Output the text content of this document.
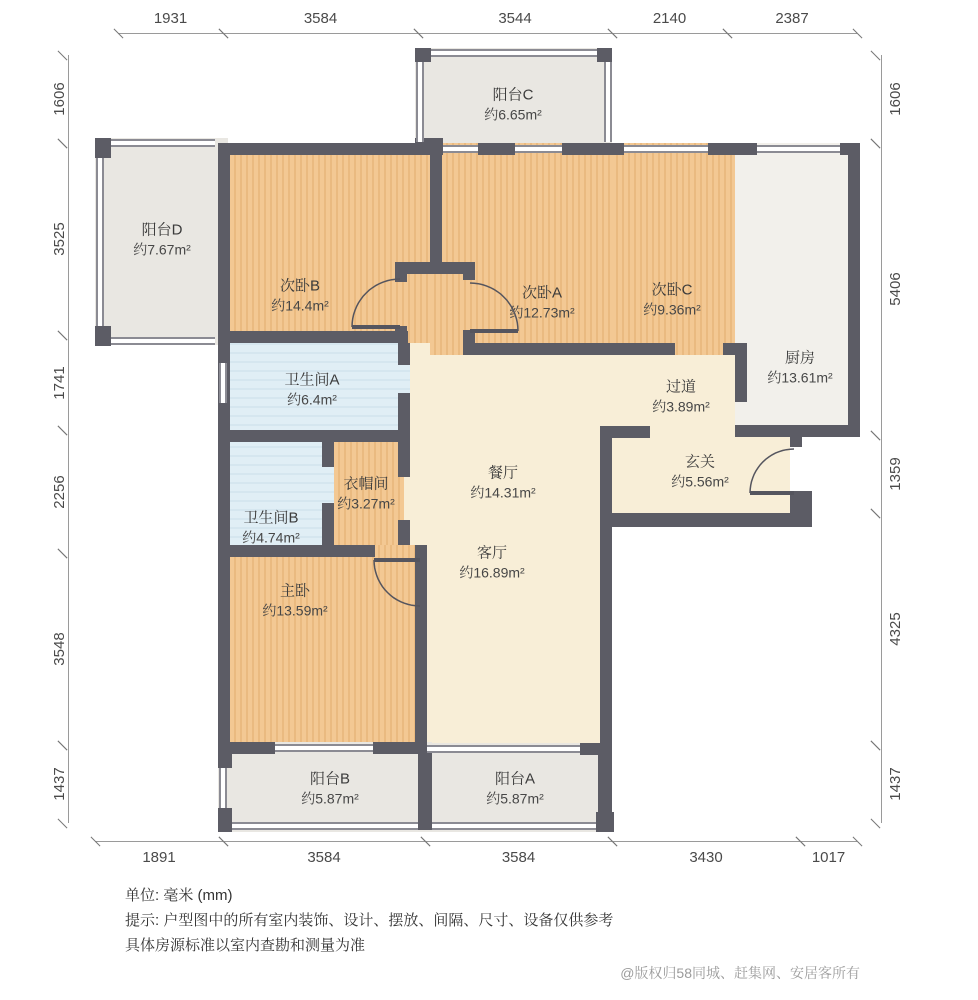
阳台C
约6.65m²
阳台D
约7.67m²
次卧B
约14.4m²
次卧A
约12.73m²
次卧C
约9.36m²
厨房
约13.61m²
卫生间A
约6.4m²
过道
约3.89m²
玄关
约5.56m²
卫生间B
约4.74m²
衣帽间
约3.27m²
餐厅
约14.31m²
客厅
约16.89m²
主卧
约13.59m²
阳台B
约5.87m²
阳台A
约5.87m²
1931	3584	3544	2140	2387
1891	3584	3584	3430	1017
1606
3525
1741
2256
3548
1437
1606
5406
1359
4325
1437
单位: 毫米 (mm)
提示: 户型图中的所有室内装饰、设计、摆放、间隔、尺寸、设备仅供参考
具体房源标准以室内查勘和测量为准
@版权归58同城、赶集网、安居客所有
